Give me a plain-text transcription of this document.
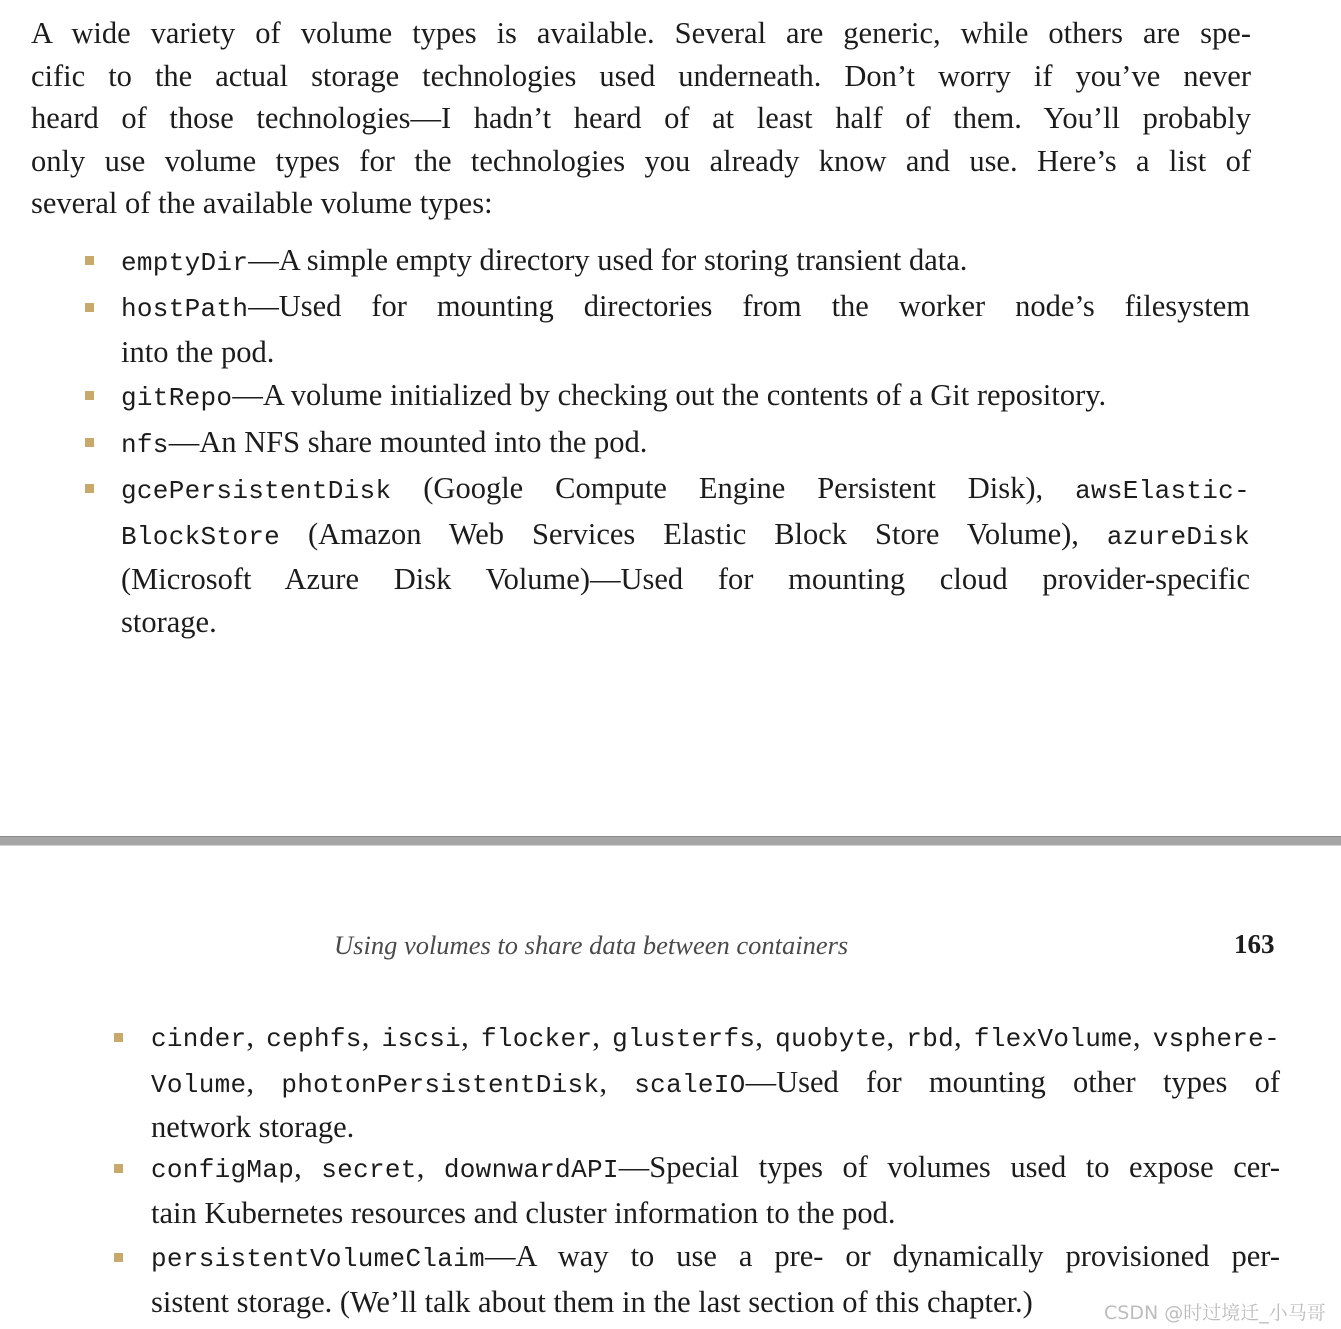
A wide variety of volume types is available. Several are generic, while others are spe-
cific to the actual storage technologies used underneath. Don’t worry if you’ve never
heard of those technologies—I hadn’t heard of at least half of them. You’ll probably
only use volume types for the technologies you already know and use. Here’s a list of
several of the available volume types:

emptyDir—A simple empty directory used for storing transient data.
hostPath—Used for mounting directories from the worker node’s filesystem
into the pod.
gitRepo—A volume initialized by checking out the contents of a Git repository.
nfs—An NFS share mounted into the pod.
gcePersistentDisk (Google Compute Engine Persistent Disk), awsElastic-
BlockStore (Amazon Web Services Elastic Block Store Volume), azureDisk
(Microsoft Azure Disk Volume)—Used for mounting cloud provider-specific
storage.
Using volumes to share data between containers	163
cinder, cephfs, iscsi, flocker, glusterfs, quobyte, rbd, flexVolume, vsphere-
Volume, photonPersistentDisk, scaleIO—Used for mounting other types of
network storage.
configMap, secret, downwardAPI—Special types of volumes used to expose cer-
tain Kubernetes resources and cluster information to the pod.
persistentVolumeClaim—A way to use a pre- or dynamically provisioned per-
sistent storage. (We’ll talk about them in the last section of this chapter.)	CSDN @时过境迁_小马哥
